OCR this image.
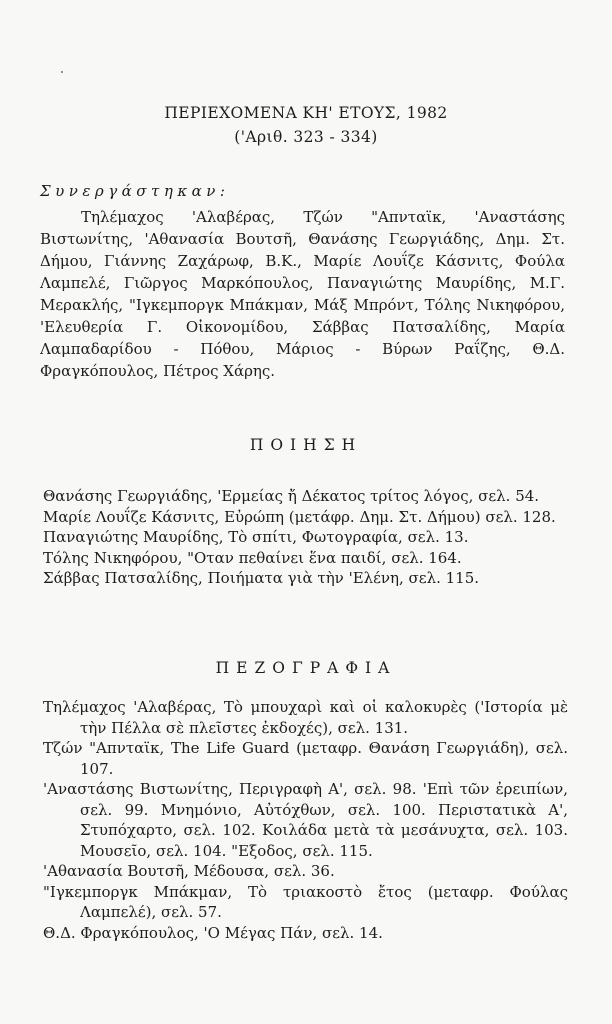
ΠΕΡΙΕΧΟΜΕΝΑ ΚΗ' ΕΤΟΥΣ, 1982
('Αριθ. 323 - 334)
Συνεργάστηκαν:
Τηλέμαχος 'Αλαβέρας, Τζών "Απνταϊκ, 'Αναστάσης Βιστωνίτης, 'Αθανασία Βουτσῆ, Θανάσης Γεωργιάδης, Δημ. Στ. Δήμου, Γιάννης Ζαχάρωφ, Β.Κ., Μαρίε Λουΐζε Κάσνιτς, Φούλα Λαμπελέ, Γιῶργος Μαρκόπουλος, Παναγιώτης Μαυρίδης, Μ.Γ. Μερακλής, "Ιγκεμποργκ Μπάκμαν, Μάξ Μπρόντ, Τόλης Νικηφόρου, 'Ελευθερία Γ. Οἰκονομίδου, Σάββας Πατσαλίδης, Μαρία Λαμπαδαρίδου - Πόθου, Μάριος - Βύρων Ραΐζης, Θ.Δ. Φραγκόπουλος, Πέτρος Χάρης.
ΠΟΙΗΣΗ

Θανάσης Γεωργιάδης, 'Ερμείας ἤ Δέκατος τρίτος λόγος, σελ. 54.

Μαρίε Λουΐζε Κάσνιτς, Εὐρώπη (μετάφρ. Δημ. Στ. Δήμου) σελ. 128.

Παναγιώτης Μαυρίδης, Τὸ σπίτι, Φωτογραφία, σελ. 13.

Τόλης Νικηφόρου, "Οταν πεθαίνει ἕνα παιδί, σελ. 164.

Σάββας Πατσαλίδης, Ποιήματα γιὰ τὴν 'Ελένη, σελ. 115.

ΠΕΖΟΓΡΑΦΙΑ

Τηλέμαχος 'Αλαβέρας, Τὸ μπουχαρὶ καὶ οἱ καλοκυρὲς ('Ιστορία μὲ τὴν Πέλλα σὲ πλεῖστες ἐκδοχές), σελ. 131.

Τζών "Απνταϊκ, The Life Guard (μεταφρ. Θανάση Γεωργιάδη), σελ. 107.

'Αναστάσης Βιστωνίτης, Περιγραφὴ Α', σελ. 98. 'Επὶ τῶν ἐρειπίων, σελ. 99. Μνημόνιο, Αὐτόχθων, σελ. 100. Περιστατικὰ Α', Στυπόχαρτο, σελ. 102. Κοιλάδα μετὰ τὰ μεσάνυχτα, σελ. 103. Μουσεῖο, σελ. 104. "Εξοδος, σελ. 115.

'Αθανασία Βουτσῆ, Μέδουσα, σελ. 36.

"Ιγκεμποργκ Μπάκμαν, Τὸ τριακοστὸ ἔτος (μεταφρ. Φούλας Λαμπελέ), σελ. 57.

Θ.Δ. Φραγκόπουλος, 'Ο Μέγας Πάν, σελ. 14.
